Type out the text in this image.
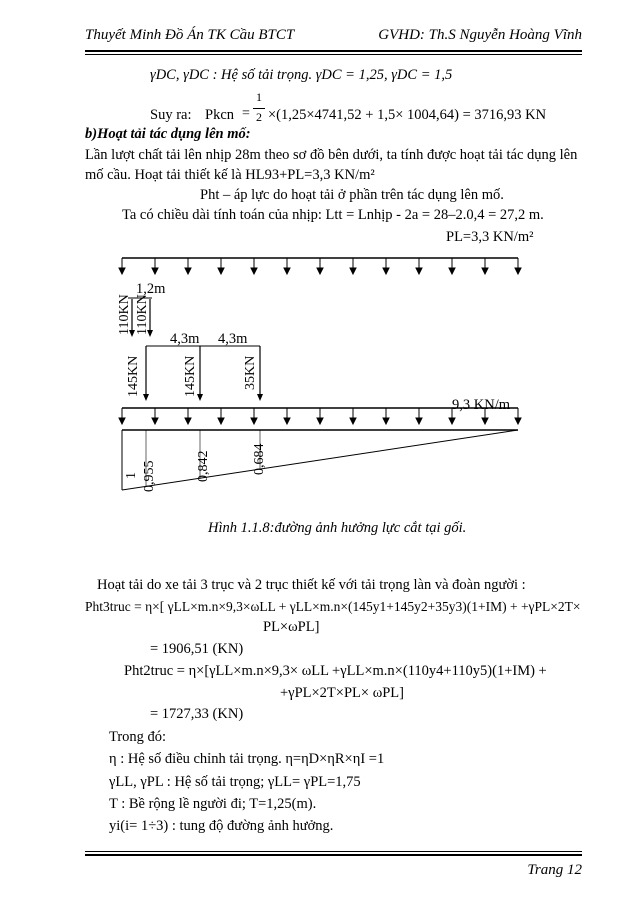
Thuyết Minh Đồ Án TK Cầu BTCT	GVHD: Th.S Nguyễn Hoàng Vĩnh
γDC, γDC : Hệ số tải trọng. γDC = 1,25, γDC = 1,5
Suy ra: Pkcn =
1
2 ×(1,25×4741,52 + 1,5× 1004,64) = 3716,93 KN
b)Hoạt tải tác dụng lên mố:
Lần lượt chất tải lên nhịp 28m theo sơ đồ bên dưới, ta tính được hoạt tải tác dụng lên
mố cầu. Hoạt tải thiết kế là HL93+PL=3,3 KN/m²
Pht – áp lực do hoạt tải ở phần trên tác dụng lên mố.
Ta có chiều dài tính toán của nhịp: Ltt = Lnhịp - 2a = 28–2.0,4 = 27,2 m.
PL=3,3 KN/m²
1,2m
110KN 110KN
4,3m 4,3m
145KN	145KN	35KN
9,3 KN/m
1 0,955	0,842	0,684
Hình 1.1.8:đường ảnh hưởng lực cắt tại gối.
Hoạt tải do xe tải 3 trục và 2 trục thiết kế với tải trọng làn và đoàn người :
Pht3truc = η×[ γLL×m.n×9,3×ωLL + γLL×m.n×(145y1+145y2+35y3)(1+IM) + +γPL×2T×
PL×ωPL]
= 1906,51 (KN)
Pht2truc = η×[γLL×m.n×9,3× ωLL +γLL×m.n×(110y4+110y5)(1+IM) +
+γPL×2T×PL× ωPL]
= 1727,33 (KN)
Trong đó:
η : Hệ số điều chỉnh tải trọng. η=ηD×ηR×ηI =1
γLL, γPL : Hệ số tải trọng; γLL= γPL=1,75
T : Bề rộng lề người đi; T=1,25(m).
yi(i= 1÷3) : tung độ đường ảnh hưởng.
Trang 12
